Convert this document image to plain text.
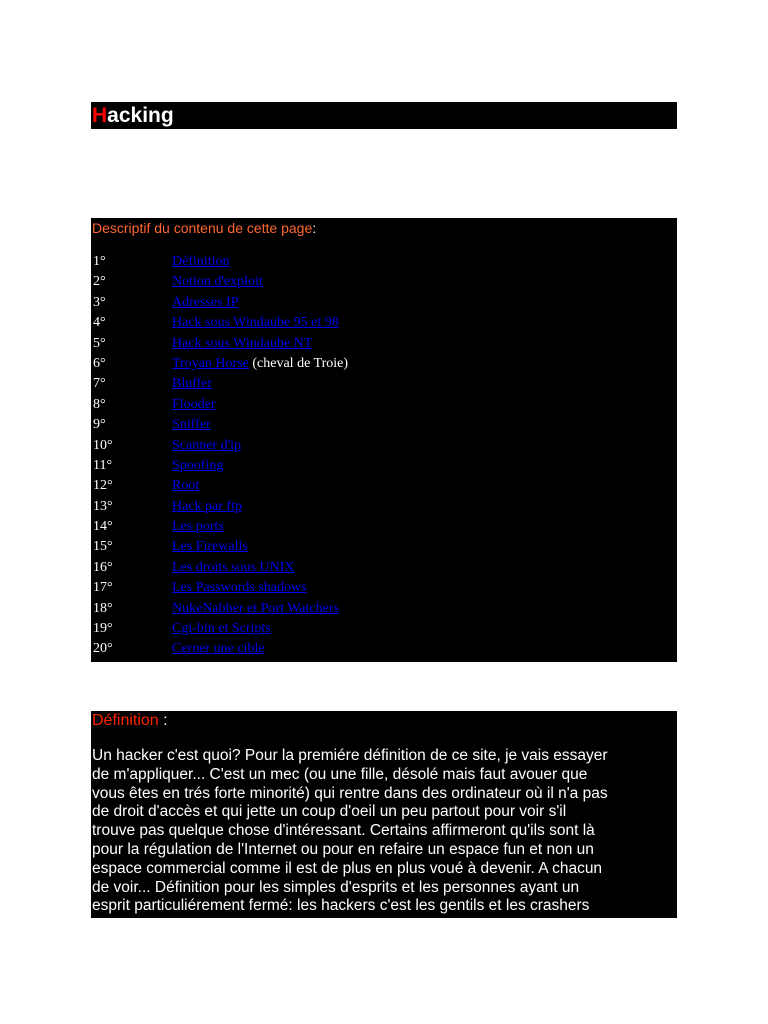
Hacking
Descriptif du contenu de cette page:
1°	Définition
2°	Notion d'exploit
3°	Adresses IP
4°	Hack sous Windaube 95 et 98
5°	Hack sous Windaube NT
6°	Troyan Horse (cheval de Troie)
7°	Bluffer
8°	Flooder
9°	Sniffer
10°	Scanner d'ip
11°	Spoofing
12°	Root
13°	Hack par ftp
14°	Les ports
15°	Les Firewalls
16°	Les droits sous UNIX
17°	Les Passwords shadows
18°	NukeNabber et Port Watchers
19°	Cgi-bin et Scripts
20°	Cerner une cible
Définition :
Un hacker c'est quoi? Pour la premiére définition de ce site, je vais essayer
de m'appliquer... C'est un mec (ou une fille, désolé mais faut avouer que
vous êtes en trés forte minorité) qui rentre dans des ordinateur où il n'a pas
de droit d'accès et qui jette un coup d'oeil un peu partout pour voir s'il
trouve pas quelque chose d'intéressant. Certains affirmeront qu'ils sont là
pour la régulation de l'Internet ou pour en refaire un espace fun et non un
espace commercial comme il est de plus en plus voué à devenir. A chacun
de voir... Définition pour les simples d'esprits et les personnes ayant un
esprit particuliérement fermé: les hackers c'est les gentils et les crashers
